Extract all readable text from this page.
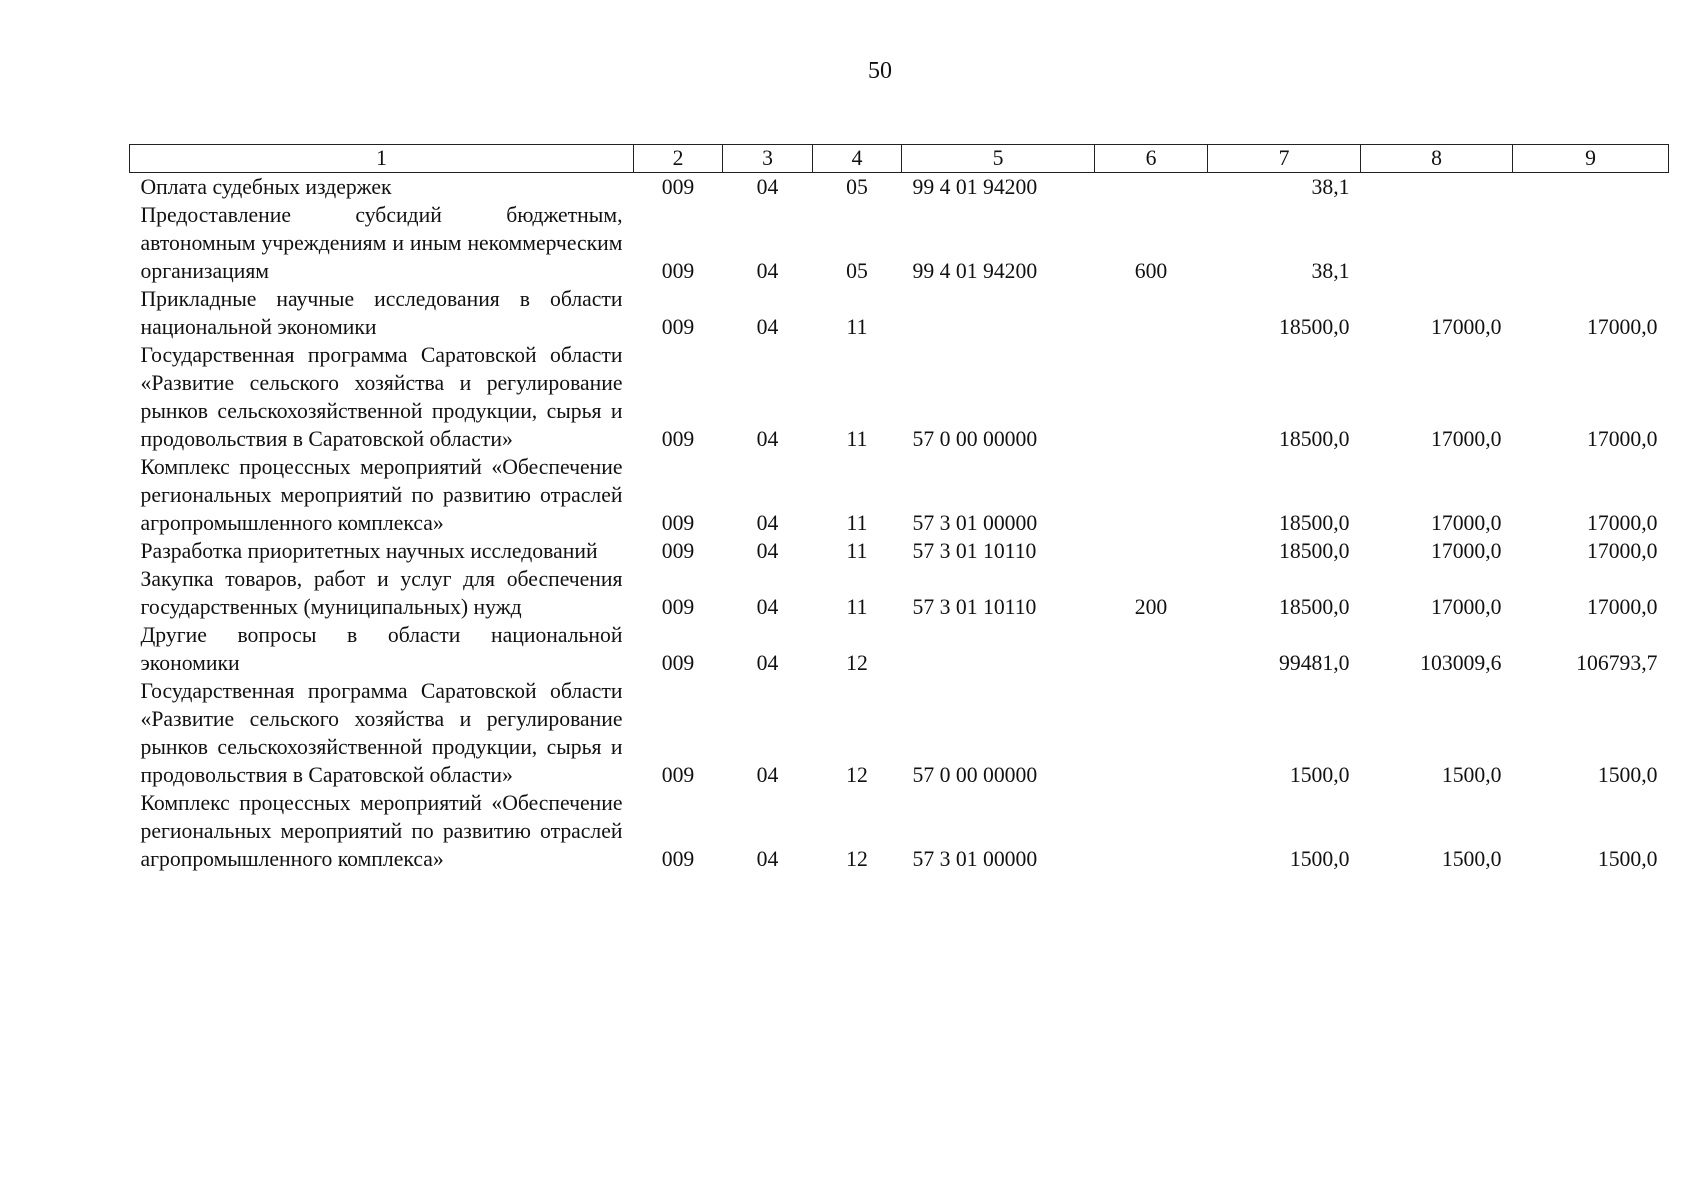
50
1	2	3	4	5	6	7	8	9
Оплата судебных издержек	009	04	05	99 4 01 94200		38,1		
Предоставление субсидий бюджетным, автономным учреждениям и иным некоммерческим организациям	009	04	05	99 4 01 94200	600	38,1		
Прикладные научные исследования в области национальной экономики	009	04	11			18500,0	17000,0	17000,0
Государственная программа Саратовской области «Развитие сельского хозяйства и регулирование рынков сельскохозяйственной продукции, сырья и продовольствия в Саратовской области»	009	04	11	57 0 00 00000		18500,0	17000,0	17000,0
Комплекс процессных мероприятий «Обеспечение региональных мероприятий по развитию отраслей агропромышленного комплекса»	009	04	11	57 3 01 00000		18500,0	17000,0	17000,0
Разработка приоритетных научных исследований	009	04	11	57 3 01 10110		18500,0	17000,0	17000,0
Закупка товаров, работ и услуг для обеспечения государственных (муниципальных) нужд	009	04	11	57 3 01 10110	200	18500,0	17000,0	17000,0
Другие вопросы в области национальной экономики	009	04	12			99481,0	103009,6	106793,7
Государственная программа Саратовской области «Развитие сельского хозяйства и регулирование рынков сельскохозяйственной продукции, сырья и продовольствия в Саратовской области»	009	04	12	57 0 00 00000		1500,0	1500,0	1500,0
Комплекс процессных мероприятий «Обеспечение региональных мероприятий по развитию отраслей агропромышленного комплекса»	009	04	12	57 3 01 00000		1500,0	1500,0	1500,0
